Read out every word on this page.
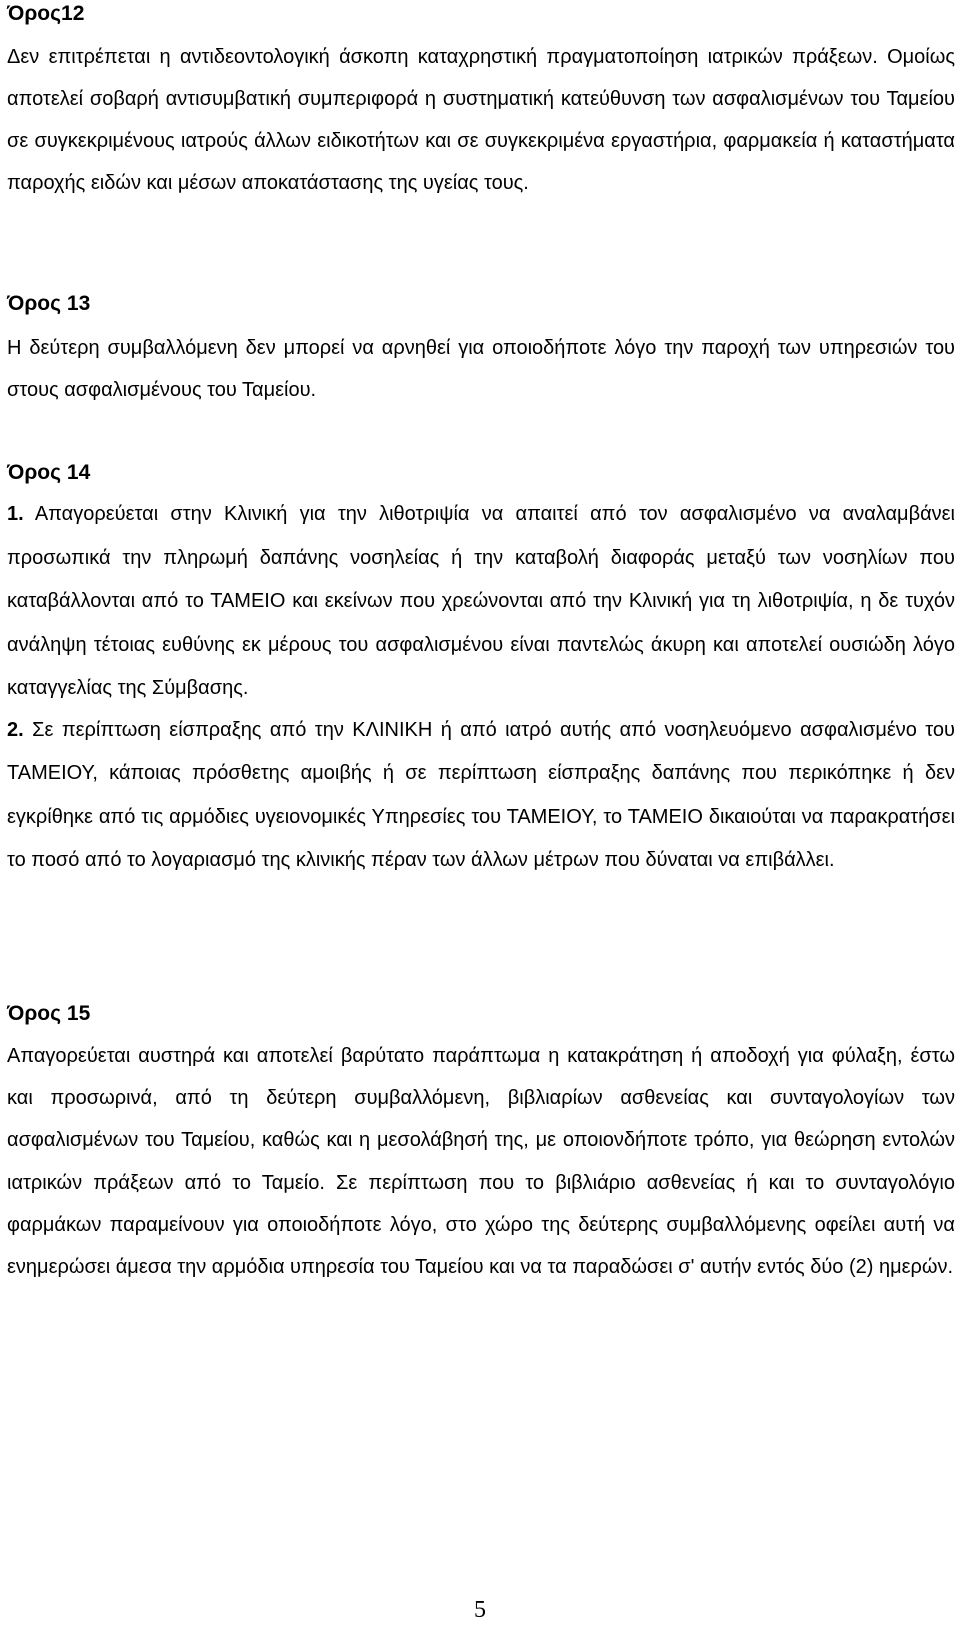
Όρος12

Δεν επιτρέπεται η αντιδεοντολογική άσκοπη καταχρηστική πραγματοποίηση ιατρικών πράξεων. Ομοίως αποτελεί σοβαρή αντισυμβατική συμπεριφορά η συστηματική κατεύθυνση των ασφαλισμένων του Ταμείου σε συγκεκριμένους ιατρούς άλλων ειδικοτήτων και σε συγκεκριμένα εργαστήρια, φαρμακεία ή καταστήματα παροχής ειδών και μέσων αποκατάστασης της υγείας τους.

Όρος 13

Η δεύτερη συμβαλλόμενη δεν μπορεί να αρνηθεί για οποιοδήποτε λόγο την παροχή των υπηρεσιών του στους ασφαλισμένους του Ταμείου.

Όρος 14

1. Απαγορεύεται στην Κλινική για την λιθοτριψία να απαιτεί από τον ασφαλισμένο να αναλαμβάνει προσωπικά την πληρωμή δαπάνης νοσηλείας ή την καταβολή διαφοράς μεταξύ των νοσηλίων που καταβάλλονται από το ΤΑΜΕΙΟ και εκείνων που χρεώνονται από την Κλινική για τη λιθοτριψία, η δε τυχόν ανάληψη τέτοιας ευθύνης εκ μέρους του ασφαλισμένου είναι παντελώς άκυρη και αποτελεί ουσιώδη λόγο καταγγελίας της Σύμβασης.

2. Σε περίπτωση είσπραξης από την ΚΛΙΝΙΚΗ ή από ιατρό αυτής από νοσηλευόμενο ασφαλισμένο του ΤΑΜΕΙΟΥ, κάποιας πρόσθετης αμοιβής ή σε περίπτωση είσπραξης δαπάνης που περικόπηκε ή δεν εγκρίθηκε από τις αρμόδιες υγειονομικές Υπηρεσίες του ΤΑΜΕΙΟΥ, το ΤΑΜΕΙΟ δικαιούται να παρακρατήσει το ποσό από το λογαριασμό της κλινικής πέραν των άλλων μέτρων που δύναται να επιβάλλει.

Όρος 15

Απαγορεύεται αυστηρά και αποτελεί βαρύτατο παράπτωμα η κατακράτηση ή αποδοχή για φύλαξη, έστω και προσωρινά, από τη δεύτερη συμβαλλόμενη, βιβλιαρίων ασθενείας και συνταγολογίων των ασφαλισμένων του Ταμείου, καθώς και η μεσολάβησή της, με οποιονδήποτε τρόπο, για θεώρηση εντολών ιατρικών πράξεων από το Ταμείο. Σε περίπτωση που το βιβλιάριο ασθενείας ή και το συνταγολόγιο φαρμάκων παραμείνουν για οποιοδήποτε λόγο, στο χώρο της δεύτερης συμβαλλόμενης οφείλει αυτή να ενημερώσει άμεσα την αρμόδια υπηρεσία του Ταμείου και να τα παραδώσει σ' αυτήν εντός δύο (2) ημερών.

5
